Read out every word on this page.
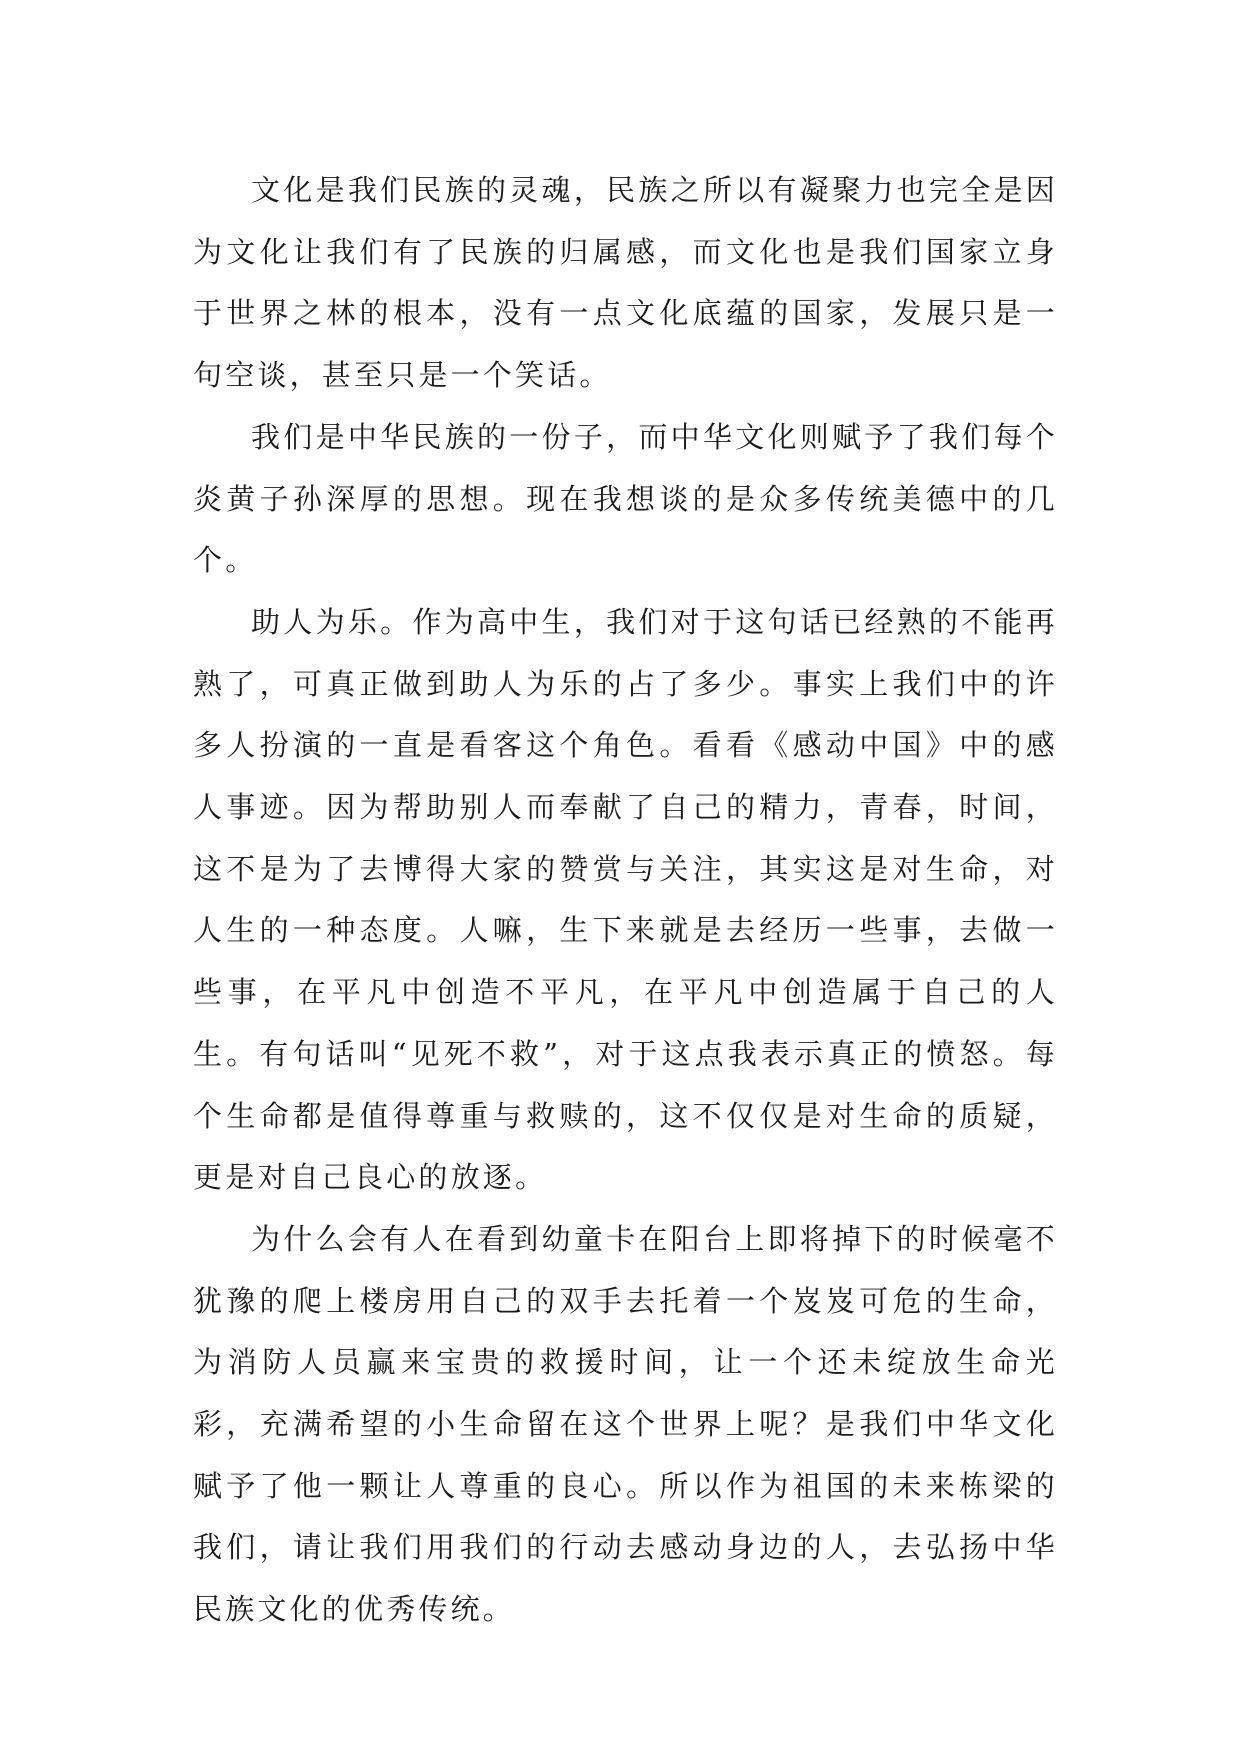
文化是我们民族的灵魂，民族之所以有凝聚力也完全是因为文化让我们有了民族的归属感，而文化也是我们国家立身于世界之林的根本，没有一点文化底蕴的国家，发展只是一句空谈，甚至只是一个笑话。

我们是中华民族的一份子，而中华文化则赋予了我们每个炎黄子孙深厚的思想。现在我想谈的是众多传统美德中的几个。

助人为乐。作为高中生，我们对于这句话已经熟的不能再熟了，可真正做到助人为乐的占了多少。事实上我们中的许多人扮演的一直是看客这个角色。看看《感动中国》中的感人事迹。因为帮助别人而奉献了自己的精力，青春，时间，这不是为了去博得大家的赞赏与关注，其实这是对生命，对人生的一种态度。人嘛，生下来就是去经历一些事，去做一些事，在平凡中创造不平凡，在平凡中创造属于自己的人生。有句话叫“见死不救”，对于这点我表示真正的愤怒。每个生命都是值得尊重与救赎的，这不仅仅是对生命的质疑，更是对自己良心的放逐。

为什么会有人在看到幼童卡在阳台上即将掉下的时候毫不犹豫的爬上楼房用自己的双手去托着一个岌岌可危的生命，为消防人员赢来宝贵的救援时间，让一个还未绽放生命光彩，充满希望的小生命留在这个世界上呢？是我们中华文化赋予了他一颗让人尊重的良心。所以作为祖国的未来栋梁的我们，请让我们用我们的行动去感动身边的人，去弘扬中华民族文化的优秀传统。
